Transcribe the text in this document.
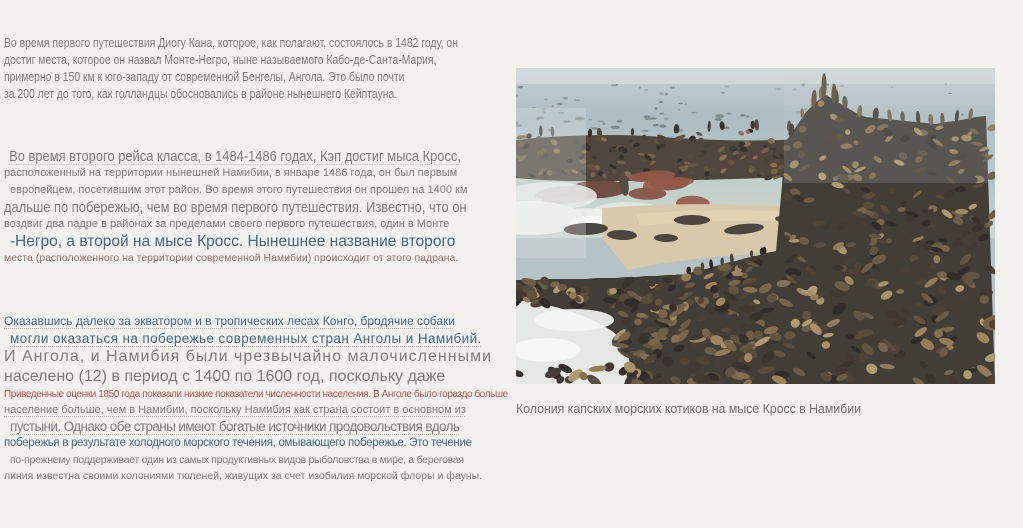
Во время первого путешествия Диогу Кана, которое, как полагают, состоялось в 1482 году, он
достиг места, которое он назвал Монте-Негро, ныне называемого Кабо-де-Санта-Мария,
примерно в 150 км к юго-западу от современной Бенгелы, Ангола. Это было почти
за 200 лет до того, как голландцы обосновались в районе нынешнего Кейптауна.
Во время второго рейса класса, в 1484-1486 годах, Кэп достиг мыса Кросс,
расположенный на территории нынешней Намибии, в январе 1486 года, он был первым
европейцем, посетившим этот район. Во время этого путешествия он прошел на 1400 км
дальше по побережью, чем во время первого путешествия. Известно, что он
воздвиг два падре в районах за пределами своего первого путешествия, один в Монте
-Негро, а второй на мысе Кросс. Нынешнее название второго
места (расположенного на территории современной Намибии) происходит от этого падрана.
Оказавшись далеко за экватором и в тропических лесах Конго, бродячие собаки
могли оказаться на побережье современных стран Анголы и Намибий.
И Ангола, и Намибия были чрезвычайно малочисленными
населено (12) в период с 1400 по 1600 год, поскольку даже
Приведенные оценки 1850 года показали низкие показатели численности населения. В Анголе было гораздо больше
население больше, чем в Намибии, поскольку Намибия как страна состоит в основном из
пустыни. Однако обе страны имеют богатые источники продовольствия вдоль
побережья в результате холодного морского течения, омывающего побережье. Это течение
по-прежнему поддерживает один из самых продуктивных видов рыболовства в мире, а береговая
линия известна своими колониями тюленей, живущих за счет изобилия морской флоры и фауны.
Колония капских морских котиков на мысе Кросс в Намибии
